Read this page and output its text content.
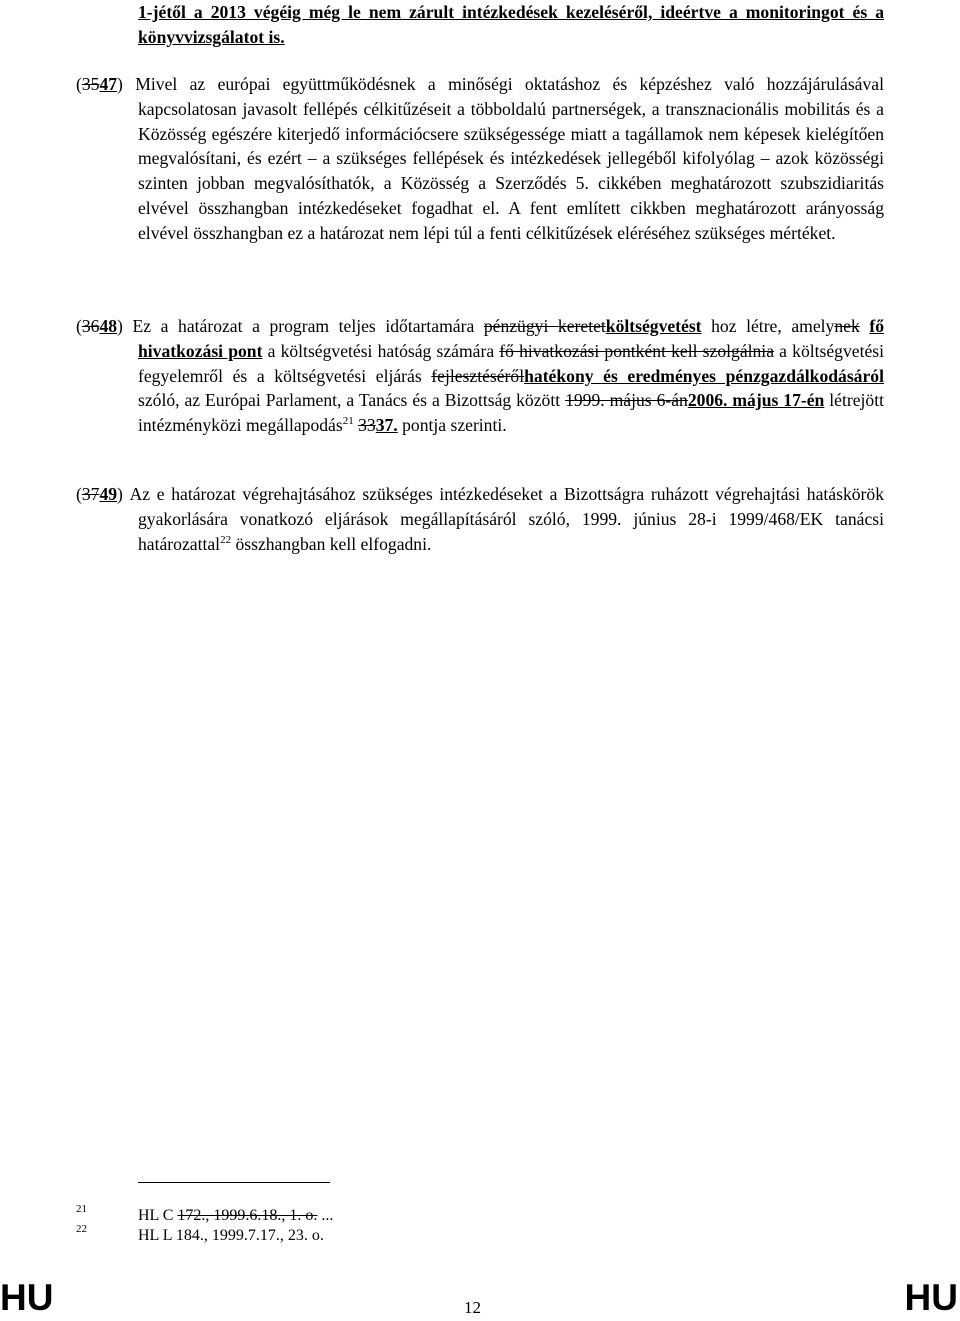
1-jétől a 2013 végéig még le nem zárult intézkedések kezeléséről, ideértve a monitoringot és a könyvvizsgálatot is.
(3547) Mivel az európai együttműködésnek a minőségi oktatáshoz és képzéshez való hozzájárulásával kapcsolatosan javasolt fellépés célkitűzéseit a többoldalú partnerségek, a transznacionális mobilitás és a Közösség egészére kiterjedő információcsere szükségessége miatt a tagállamok nem képesek kielégítően megvalósítani, és ezért – a szükséges fellépések és intézkedések jellegéből kifolyólag – azok közösségi szinten jobban megvalósíthatók, a Közösség a Szerződés 5. cikkében meghatározott szubszidiaritás elvével összhangban intézkedéseket fogadhat el. A fent említett cikkben meghatározott arányosság elvével összhangban ez a határozat nem lépi túl a fenti célkitűzések eléréséhez szükséges mértéket.
(3648) Ez a határozat a program teljes időtartamára pénzügyi keretetköltségvetést hoz létre, amelynek fő hivatkozási pont a költségvetési hatóság számára fő hivatkozási pontként kell szolgálnia a költségvetési fegyelemről és a költségvetési eljárás fejlesztésérőlhatékony és eredményes pénzgazdálkodásáról szóló, az Európai Parlament, a Tanács és a Bizottság között 1999. május 6-án2006. május 17-én létrejött intézményközi megállapodás$^{21}$ 3337. pontja szerinti.
(3749) Az e határozat végrehajtásához szükséges intézkedéseket a Bizottságra ruházott végrehajtási hatáskörök gyakorlására vonatkozó eljárások megállapításáról szóló, 1999. június 28-i 1999/468/EK tanácsi határozattal$^{22}$ összhangban kell elfogadni.
21	HL C 172., 1999.6.18., 1. o. ...
22	HL L 184., 1999.7.17., 23. o.
HU	12	HU
